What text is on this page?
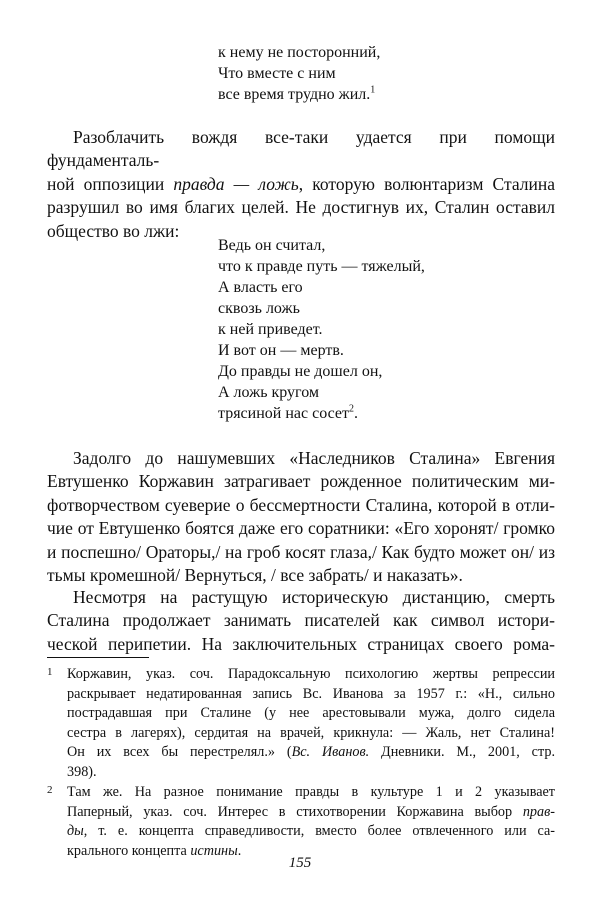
к нему не посторонний,
Что вместе с ним
все время трудно жил.$^1$
Разоблачить вождя все-таки удается при помощи фундаменталь-
ной оппозиции правда — ложь, которую волюнтаризм Сталина
разрушил во имя благих целей. Не достигнув их, Сталин оставил
общество во лжи:
Ведь он считал,
что к правде путь — тяжелый,
А власть его
сквозь ложь
к ней приведет.
И вот он — мертв.
До правды не дошел он,
А ложь кругом
трясиной нас сосет$^2$.
Задолго до нашумевших «Наследников Сталина» Евгения
Евтушенко Коржавин затрагивает рожденное политическим ми-
фотворчеством суеверие о бессмертности Сталина, которой в отли-
чие от Евтушенко боятся даже его соратники: «Его хоронят/ громко
и поспешно/ Ораторы,/ на гроб косят глаза,/ Как будто может он/ из
тьмы кромешной/ Вернуться, / все забрать/ и наказать».
Несмотря на растущую историческую дистанцию, смерть
Сталина продолжает занимать писателей как символ истори-
ческой перипетии. На заключительных страницах своего рома-
1 Коржавин, указ. соч. Парадоксальную психологию жертвы репрессии
раскрывает недатированная запись Вс. Иванова за 1957 г.: «Н., сильно
пострадавшая при Сталине (у нее арестовывали мужа, долго сидела
сестра в лагерях), сердитая на врачей, крикнула: — Жаль, нет Сталина!
Он их всех бы перестрелял.» (Вс. Иванов. Дневники. М., 2001, стр.
398).
2 Там же. На разное понимание правды в культуре 1 и 2 указывает
Паперный, указ. соч. Интерес в стихотворении Коржавина выбор прав-
ды, т. е. концепта справедливости, вместо более отвлеченного или са-
крального концепта истины.
155
